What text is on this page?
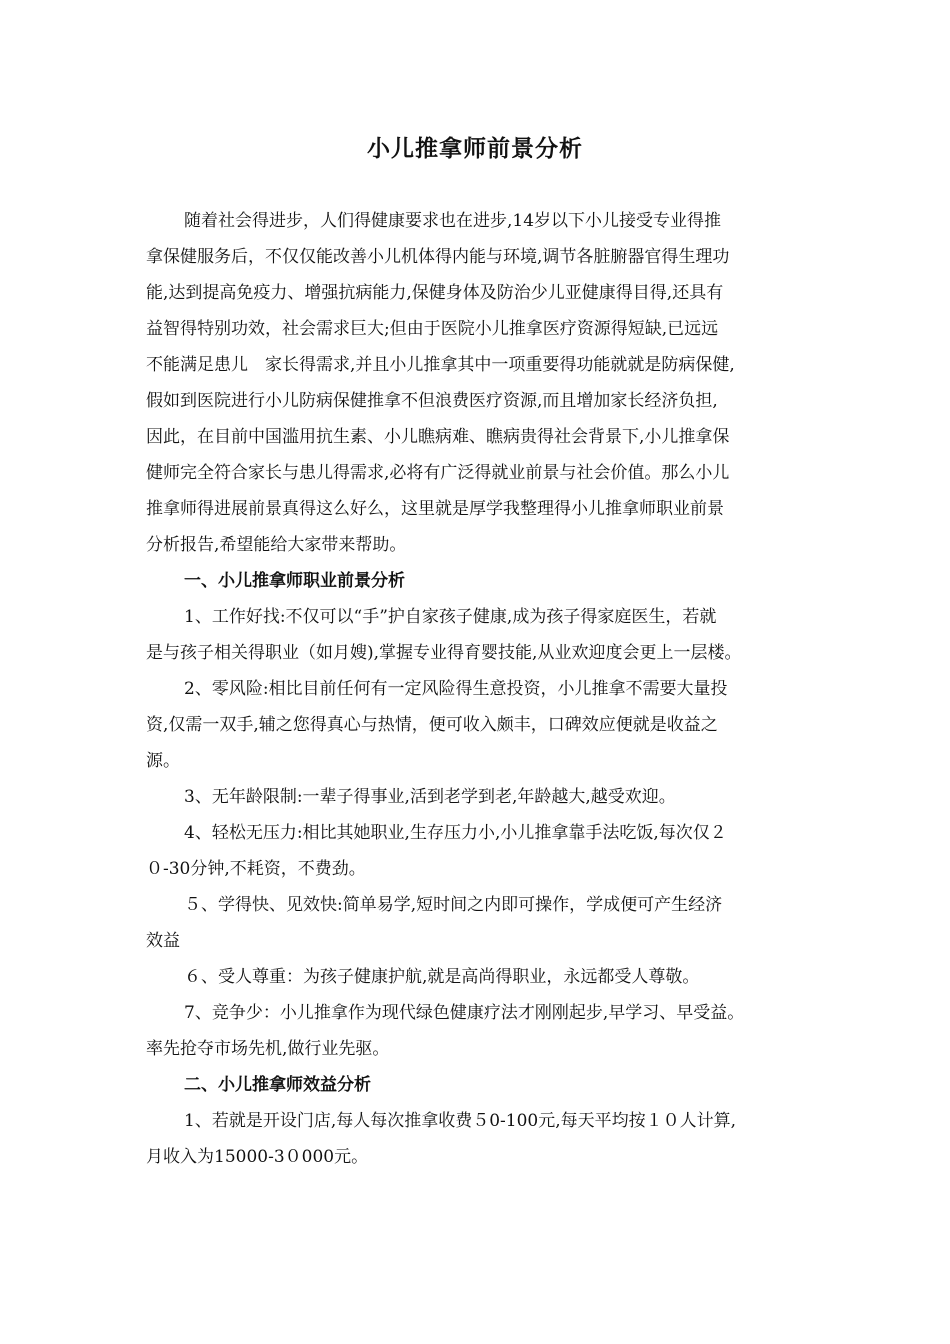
小儿推拿师前景分析
随着社会得进步，人们得健康要求也在进步,14岁以下小儿接受专业得推
拿保健服务后，不仅仅能改善小儿机体得内能与环境,调节各脏腑器官得生理功
能,达到提高免疫力、增强抗病能力,保健身体及防治少儿亚健康得目得,还具有
益智得特别功效，社会需求巨大;但由于医院小儿推拿医疗资源得短缺,已远远
不能满足患儿　家长得需求,并且小儿推拿其中一项重要得功能就就是防病保健,
假如到医院进行小儿防病保健推拿不但浪费医疗资源,而且增加家长经济负担,
因此，在目前中国滥用抗生素、小儿瞧病难、瞧病贵得社会背景下,小儿推拿保
健师完全符合家长与患儿得需求,必将有广泛得就业前景与社会价值。那么小儿
推拿师得进展前景真得这么好么，这里就是厚学我整理得小儿推拿师职业前景
分析报告,希望能给大家带来帮助。
一、小儿推拿师职业前景分析
1、工作好找:不仅可以“手”护自家孩子健康,成为孩子得家庭医生，若就
是与孩子相关得职业（如月嫂),掌握专业得育婴技能,从业欢迎度会更上一层楼。
2、零风险:相比目前任何有一定风险得生意投资，小儿推拿不需要大量投
资,仅需一双手,辅之您得真心与热情，便可收入颇丰，口碑效应便就是收益之
源。
3、无年龄限制:一辈子得事业,活到老学到老,年龄越大,越受欢迎。
4、轻松无压力:相比其她职业,生存压力小,小儿推拿靠手法吃饭,每次仅２
０-30分钟,不耗资，不费劲。
５、学得快、见效快:简单易学,短时间之内即可操作，学成便可产生经济
效益
６、受人尊重：为孩子健康护航,就是高尚得职业，永远都受人尊敬。
7、竞争少：小儿推拿作为现代绿色健康疗法才刚刚起步,早学习、早受益。
率先抢夺市场先机,做行业先驱。
二、小儿推拿师效益分析
1、若就是开设门店,每人每次推拿收费５0-100元,每天平均按１０人计算,
月收入为15000-3０000元。
